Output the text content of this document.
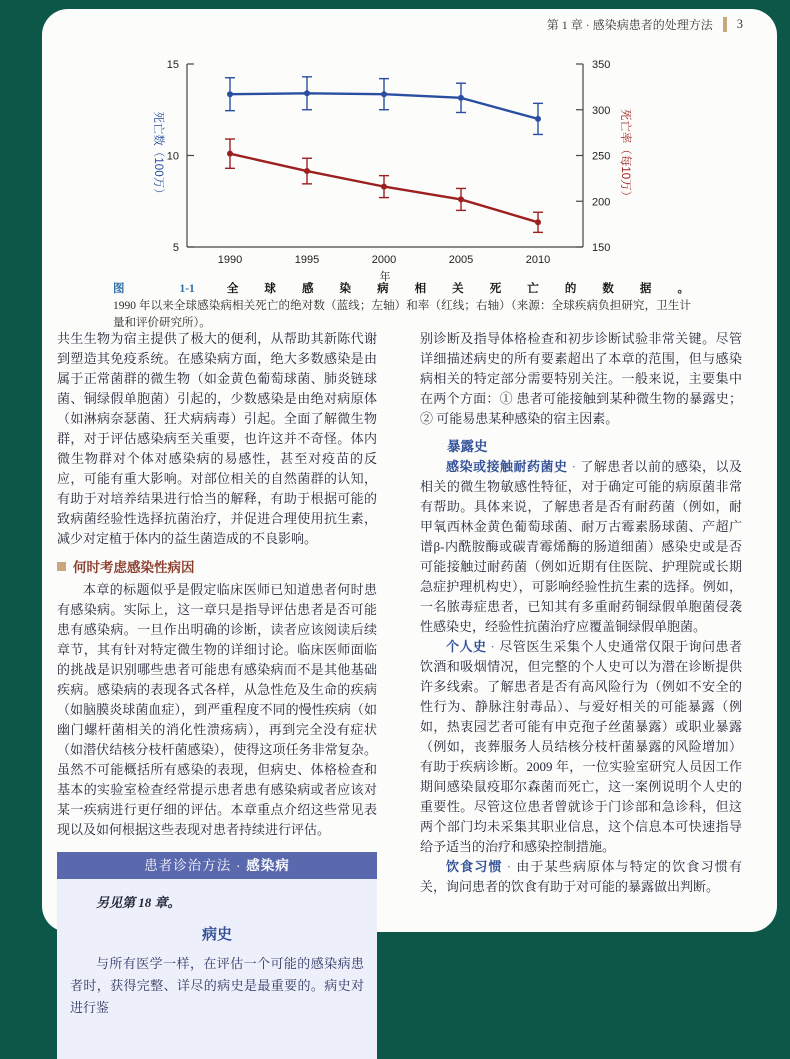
第 1 章 · 感染病患者的处理方法 3
5
10
15
150
200
250
300
350
1990	1995	2000	2005	2010
年
死亡数（100万）	死亡率（每10万）

图 1-1 全球感染病相关死亡的数据。1990 年以来全球感染病相关死亡的绝对数（蓝线；左轴）和率（红线；右轴）（来源：全球疾病负担研究，卫生计量和评价研究所）。

共生生物为宿主提供了极大的便利，从帮助其新陈代谢到塑造其免疫系统。在感染病方面，绝大多数感染是由属于正常菌群的微生物（如金黄色葡萄球菌、肺炎链球菌、铜绿假单胞菌）引起的，少数感染是由绝对病原体（如淋病奈瑟菌、狂犬病病毒）引起。全面了解微生物群，对于评估感染病至关重要，也许这并不奇怪。体内微生物群对个体对感染病的易感性，甚至对疫苗的反应，可能有重大影响。对部位相关的自然菌群的认知，有助于对培养结果进行恰当的解释，有助于根据可能的致病菌经验性选择抗菌治疗，并促进合理使用抗生素，减少对定植于体内的益生菌造成的不良影响。

何时考虑感染性病因

本章的标题似乎是假定临床医师已知道患者何时患有感染病。实际上，这一章只是指导评估患者是否可能患有感染病。一旦作出明确的诊断，读者应该阅读后续章节，其有针对特定微生物的详细讨论。临床医师面临的挑战是识别哪些患者可能患有感染病而不是其他基础疾病。感染病的表现各式各样，从急性危及生命的疾病（如脑膜炎球菌血症），到严重程度不同的慢性疾病（如幽门螺杆菌相关的消化性溃疡病），再到完全没有症状（如潜伏结核分枝杆菌感染），使得这项任务非常复杂。虽然不可能概括所有感染的表现，但病史、体格检查和基本的实验室检查经常提示患者患有感染病或者应该对某一疾病进行更仔细的评估。本章重点介绍这些常见表现以及如何根据这些表现对患者持续进行评估。

患者诊治方法 · 感染病

另见第 18 章。

病史

与所有医学一样，在评估一个可能的感染病患者时，获得完整、详尽的病史是最重要的。病史对进行鉴

别诊断及指导体格检查和初步诊断试验非常关键。尽管详细描述病史的所有要素超出了本章的范围，但与感染病相关的特定部分需要特别关注。一般来说，主要集中在两个方面：① 患者可能接触到某种微生物的暴露史；② 可能易患某种感染的宿主因素。

暴露史

感染或接触耐药菌史 · 了解患者以前的感染，以及相关的微生物敏感性特征，对于确定可能的病原菌非常有帮助。具体来说，了解患者是否有耐药菌（例如，耐甲氧西林金黄色葡萄球菌、耐万古霉素肠球菌、产超广谱β-内酰胺酶或碳青霉烯酶的肠道细菌）感染史或是否可能接触过耐药菌（例如近期有住医院、护理院或长期急症护理机构史），可影响经验性抗生素的选择。例如，一名脓毒症患者，已知其有多重耐药铜绿假单胞菌侵袭性感染史，经验性抗菌治疗应覆盖铜绿假单胞菌。

个人史 · 尽管医生采集个人史通常仅限于询问患者饮酒和吸烟情况，但完整的个人史可以为潜在诊断提供许多线索。了解患者是否有高风险行为（例如不安全的性行为、静脉注射毒品）、与爱好相关的可能暴露（例如，热衷园艺者可能有申克孢子丝菌暴露）或职业暴露（例如，丧葬服务人员结核分枝杆菌暴露的风险增加）有助于疾病诊断。2009 年，一位实验室研究人员因工作期间感染鼠疫耶尔森菌而死亡，这一案例说明个人史的重要性。尽管这位患者曾就诊于门诊部和急诊科，但这两个部门均未采集其职业信息，这个信息本可快速指导给予适当的治疗和感染控制措施。

饮食习惯 · 由于某些病原体与特定的饮食习惯有关，询问患者的饮食有助于对可能的暴露做出判断。
